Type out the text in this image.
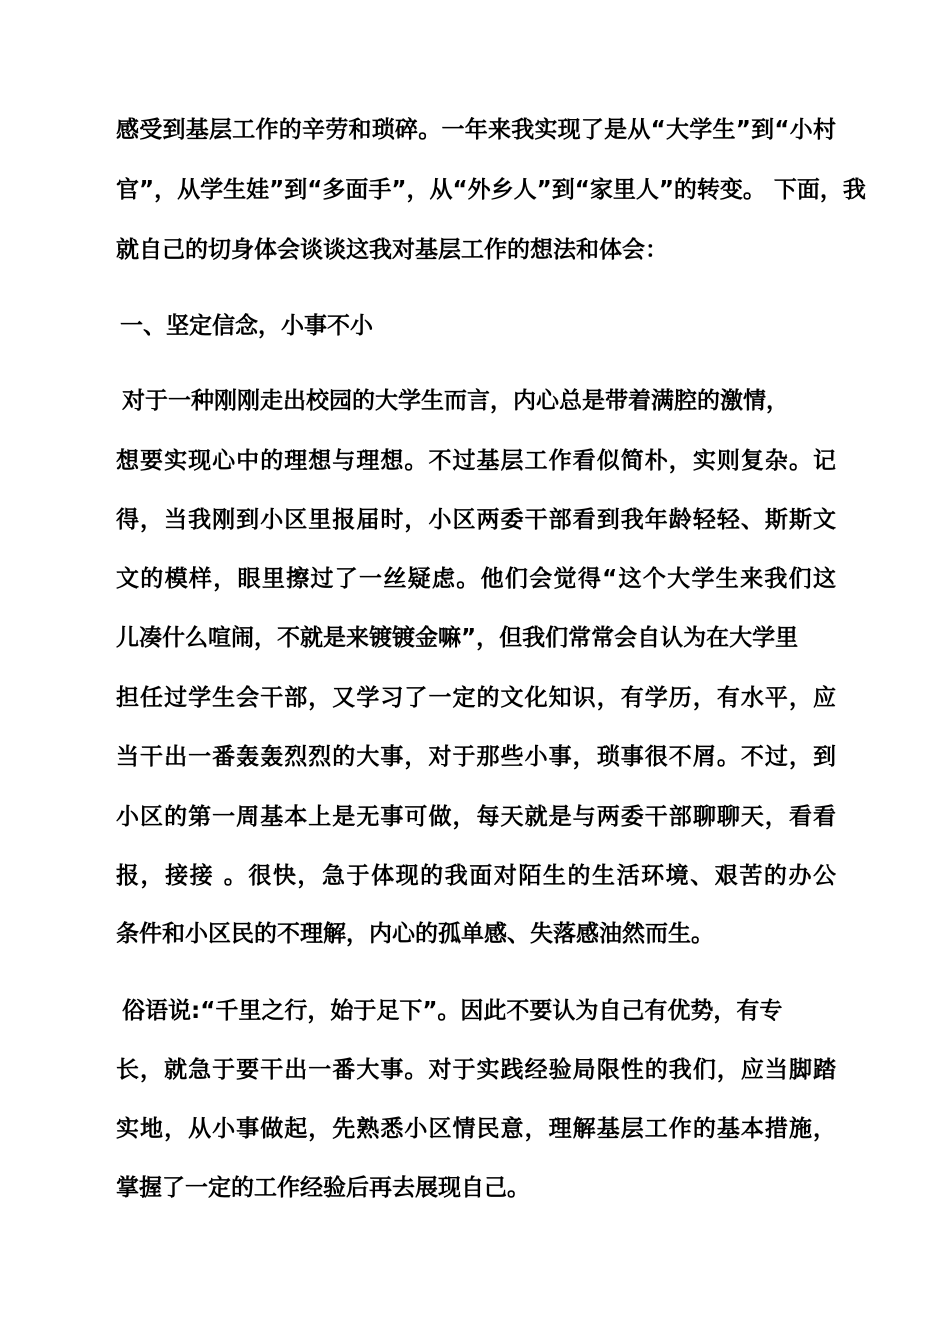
感受到基层工作的辛劳和琐碎。一年来我实现了是从“大学生”到“小村
官”，从学生娃”到“多面手”，从“外乡人”到“家里人”的转变。 下面，我
就自己的切身体会谈谈这我对基层工作的想法和体会：
一、坚定信念，小事不小
对于一种刚刚走出校园的大学生而言，内心总是带着满腔的激情，
想要实现心中的理想与理想。不过基层工作看似简朴，实则复杂。记
得，当我刚到小区里报届时，小区两委干部看到我年龄轻轻、斯斯文
文的模样，眼里擦过了一丝疑虑。他们会觉得“这个大学生来我们这
儿凑什么喧闹，不就是来镀镀金嘛”，但我们常常会自认为在大学里
担任过学生会干部，又学习了一定的文化知识，有学历，有水平，应
当干出一番轰轰烈烈的大事，对于那些小事，琐事很不屑。不过，到
小区的第一周基本上是无事可做，每天就是与两委干部聊聊天，看看
报，接接 。很快，急于体现的我面对陌生的生活环境、艰苦的办公
条件和小区民的不理解，内心的孤单感、失落感油然而生。
俗语说:“千里之行，始于足下”。因此不要认为自己有优势，有专
长，就急于要干出一番大事。对于实践经验局限性的我们，应当脚踏
实地，从小事做起，先熟悉小区情民意，理解基层工作的基本措施，
掌握了一定的工作经验后再去展现自己。
